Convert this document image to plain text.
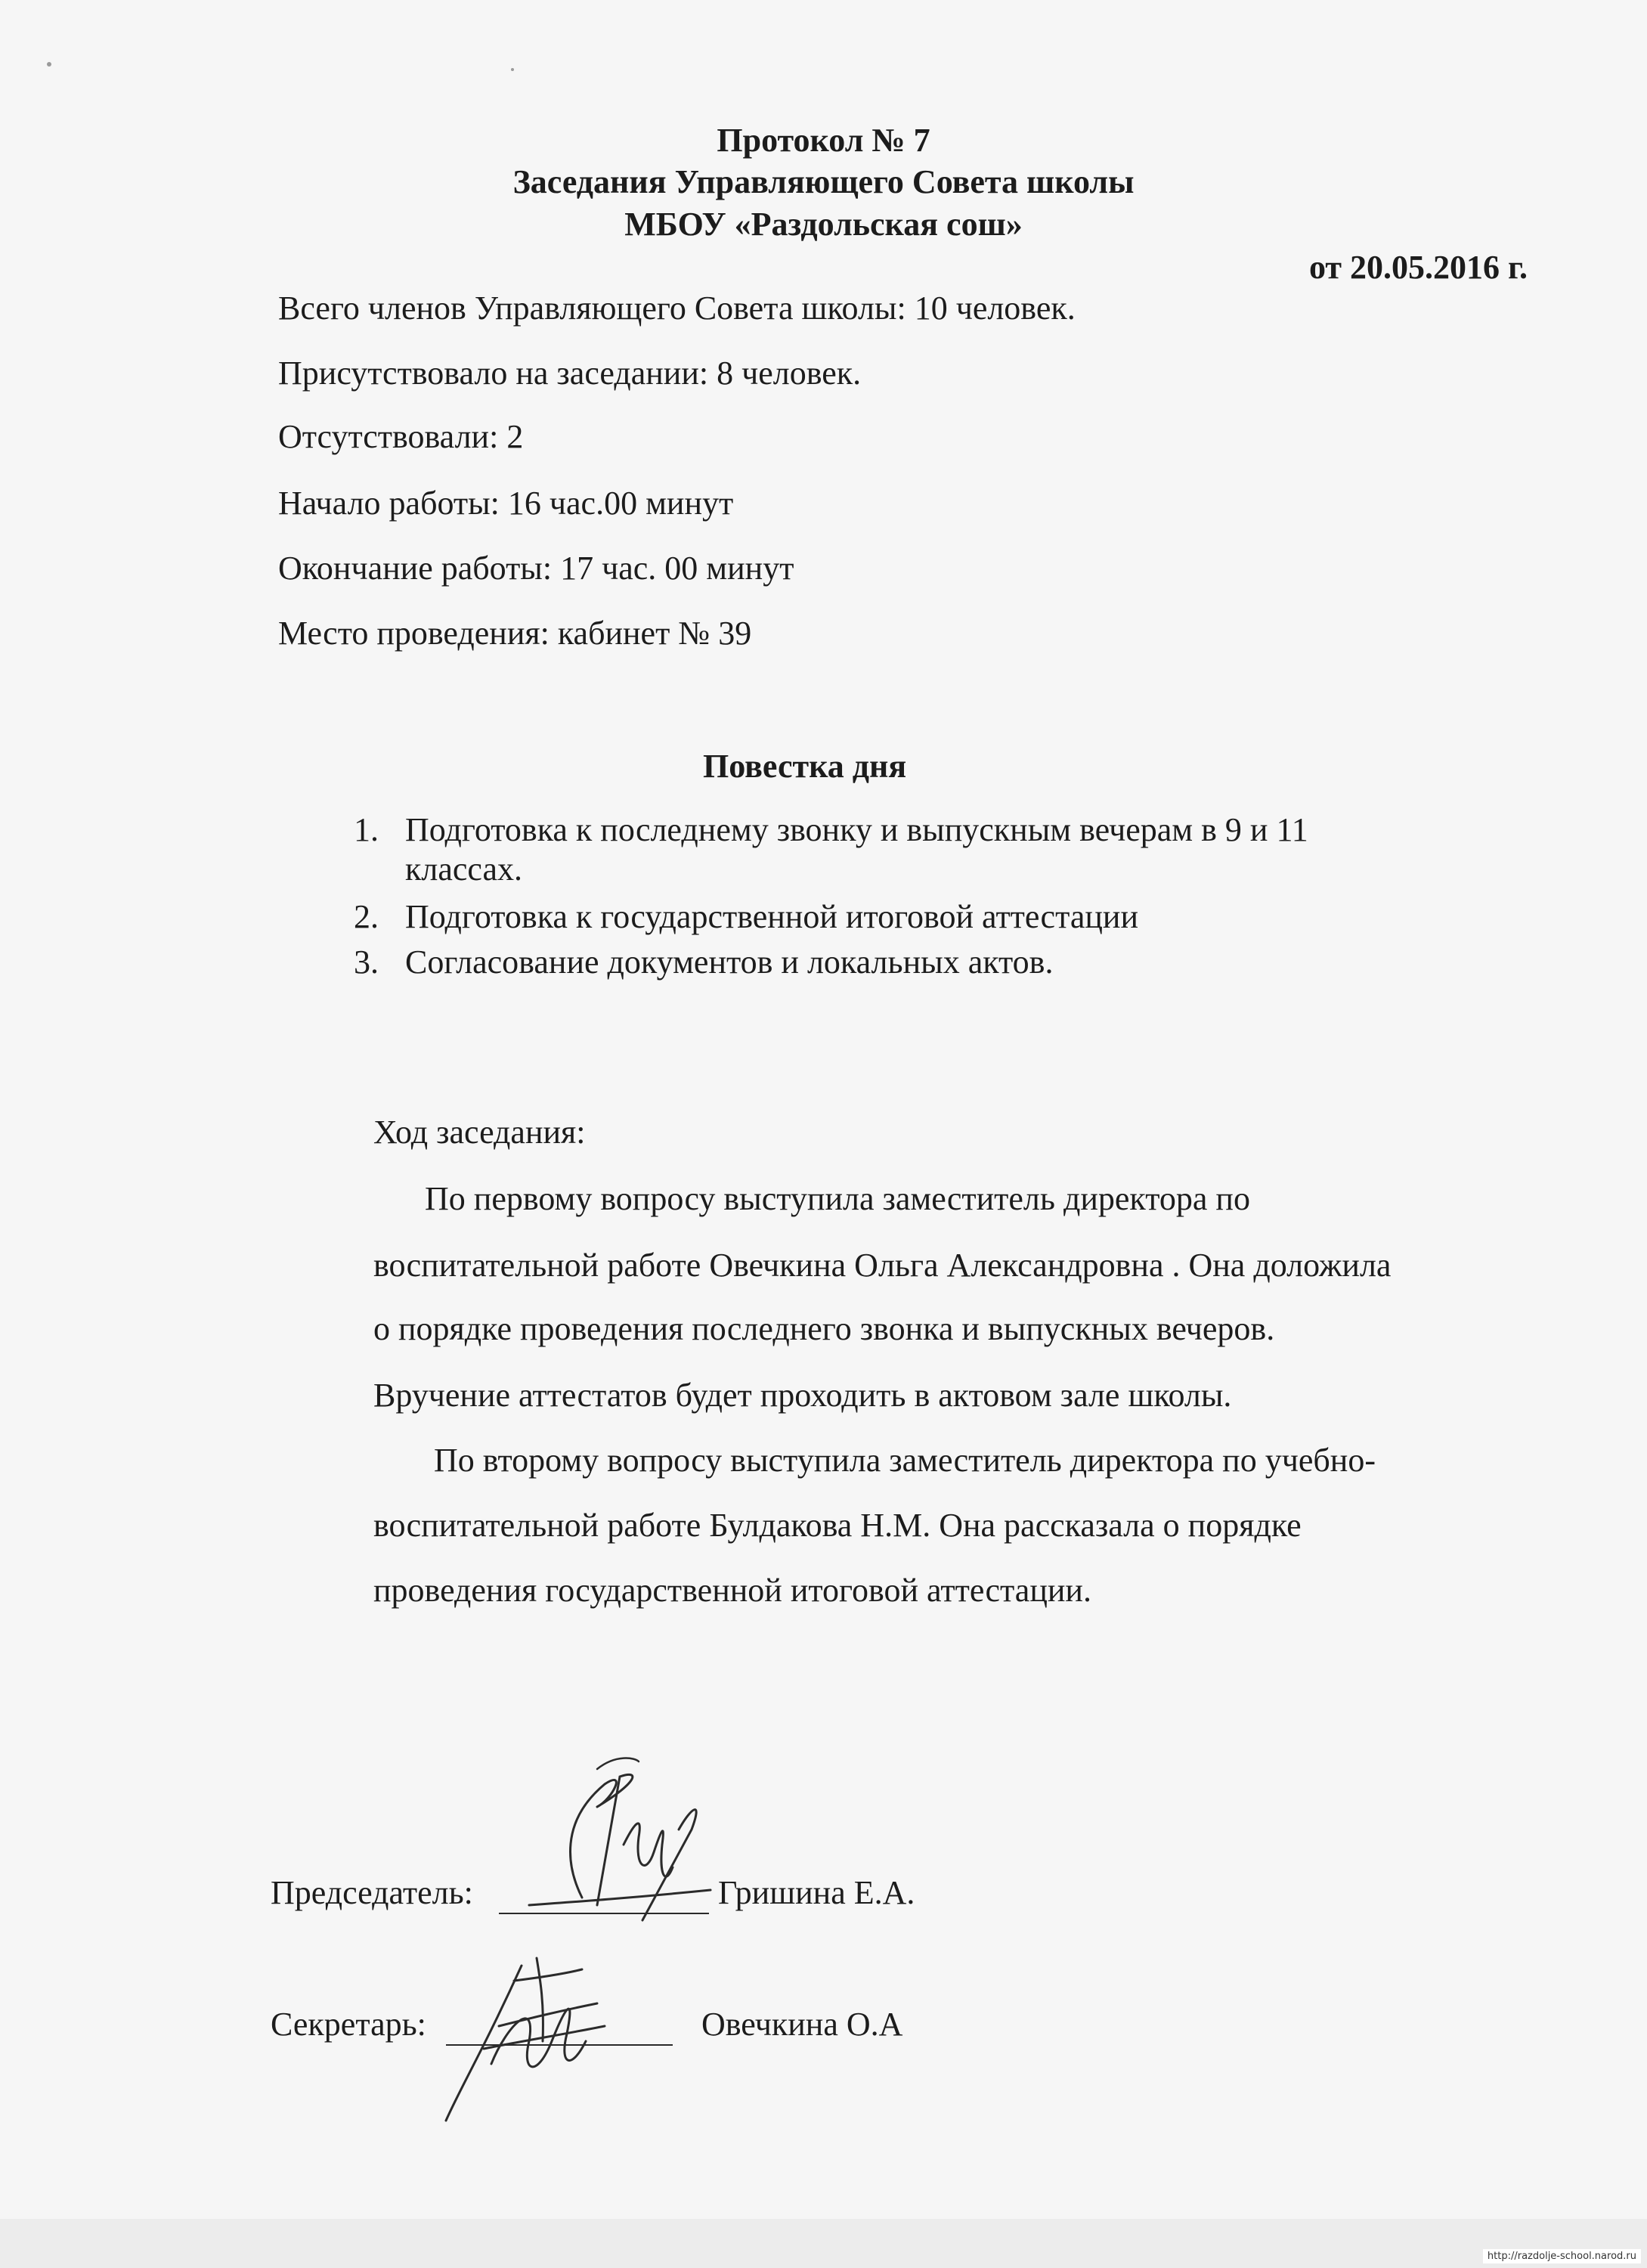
Протокол № 7
Заседания Управляющего Совета школы
МБОУ «Раздольская сош»
от 20.05.2016 г.
Всего членов Управляющего Совета школы: 10 человек.
Присутствовало на заседании: 8 человек.
Отсутствовали: 2
Начало работы: 16 час.00 минут
Окончание работы: 17 час. 00 минут
Место проведения: кабинет № 39
Повестка дня
1. Подготовка к последнему звонку и выпускным вечерам в 9 и 11
классах.
2. Подготовка к государственной итоговой аттестации
3. Согласование документов и локальных актов.
Ход заседания:
По первому вопросу выступила заместитель директора по
воспитательной работе Овечкина Ольга Александровна . Она доложила
о порядке проведения последнего звонка и выпускных вечеров.
Вручение аттестатов будет проходить в актовом зале школы.
По второму вопросу выступила заместитель директора по учебно-
воспитательной работе Булдакова Н.М. Она рассказала о порядке
проведения государственной итоговой аттестации.
Председатель:	Гришина Е.А.
Секретарь:	Овечкина О.А
http://razdolje-school.narod.ru
